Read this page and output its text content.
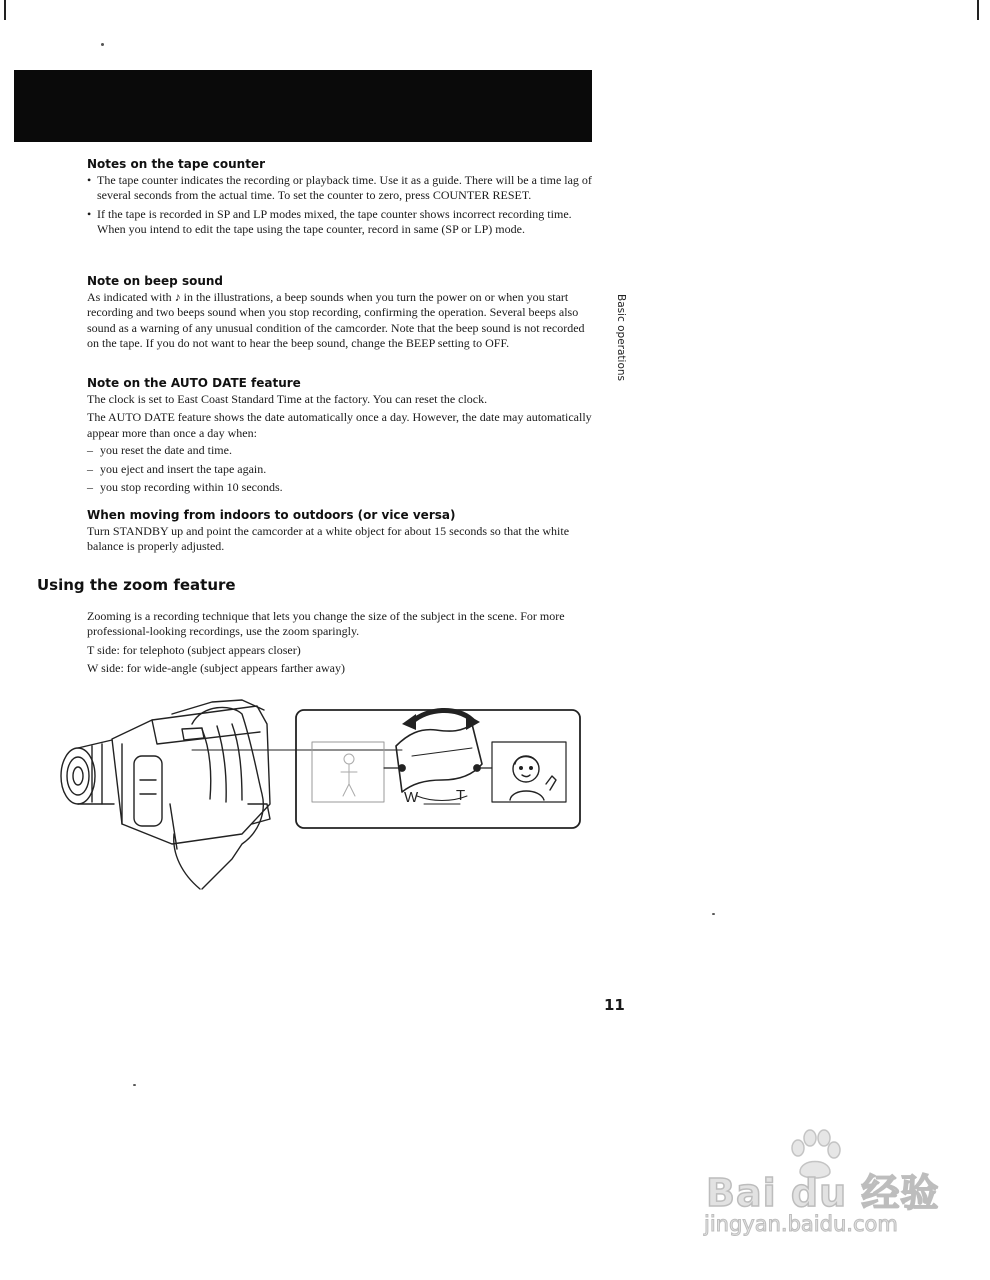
Notes on the tape counter
• The tape counter indicates the recording or playback time. Use it as a guide. There will be a time lag of several seconds from the actual time. To set the counter to zero, press COUNTER RESET.
• If the tape is recorded in SP and LP modes mixed, the tape counter shows incorrect recording time. When you intend to edit the tape using the tape counter, record in same (SP or LP) mode.
Note on beep sound

As indicated with ♪ in the illustrations, a beep sounds when you turn the power on or when you start recording and two beeps sound when you stop recording, confirming the operation. Several beeps also sound as a warning of any unusual condition of the camcorder. Note that the beep sound is not recorded on the tape. If you do not want to hear the beep sound, change the BEEP setting to OFF.

Note on the AUTO DATE feature

The clock is set to East Coast Standard Time at the factory. You can reset the clock.

The AUTO DATE feature shows the date automatically once a day. However, the date may automatically appear more than once a day when:

– you reset the date and time.
– you eject and insert the tape again.
– you stop recording within 10 seconds.
When moving from indoors to outdoors (or vice versa)

Turn STANDBY up and point the camcorder at a white object for about 15 seconds so that the white balance is properly adjusted.

Using the zoom feature

Zooming is a recording technique that lets you change the size of the subject in the scene. For more professional-looking recordings, use the zoom sparingly.

T side: for telephoto (subject appears closer)

W side: for wide-angle (subject appears farther away)

W	T
Basic operations

11

Bai du 经验
jingyan.baidu.com
